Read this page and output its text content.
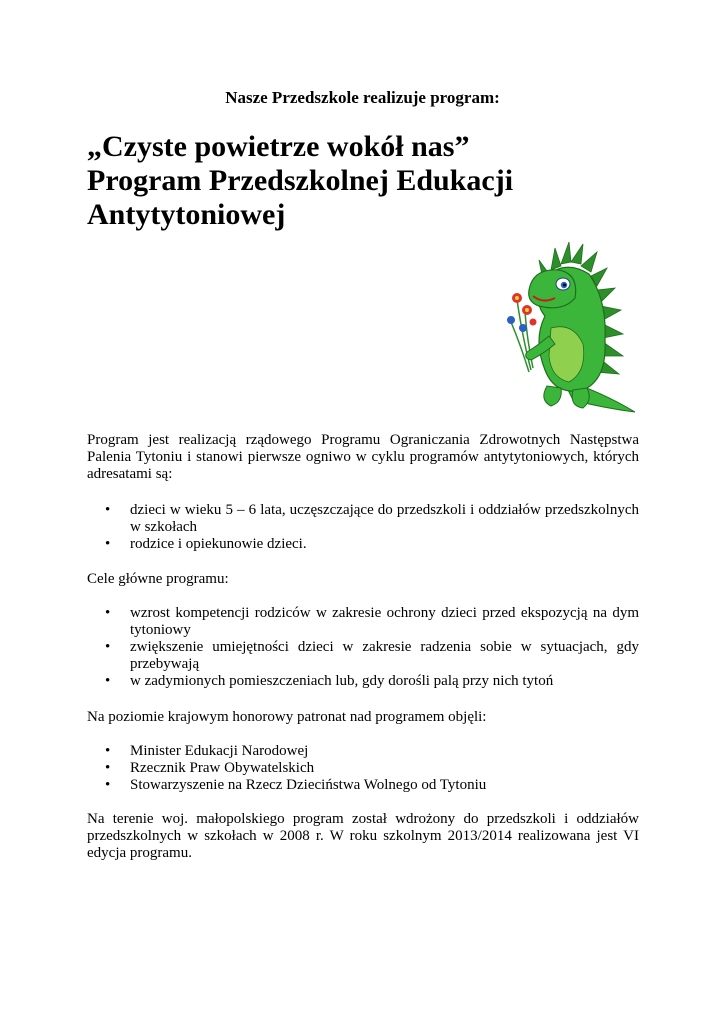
Nasze Przedszkole realizuje program:

„Czyste powietrze wokół nas”
Program Przedszkolnej Edukacji
Antytytoniowej

Program jest realizacją rządowego Programu Ograniczania Zdrowotnych Następstwa Palenia Tytoniu i stanowi pierwsze ogniwo w cyklu programów antytytoniowych, których adresatami są:

• dzieci w wieku 5 – 6 lata, uczęszczające do przedszkoli i oddziałów przedszkolnych w szkołach
• rodzice i opiekunowie dzieci.

Cele główne programu:

• wzrost kompetencji rodziców w zakresie ochrony dzieci przed ekspozycją na dym tytoniowy
• zwiększenie umiejętności dzieci w zakresie radzenia sobie w sytuacjach, gdy przebywają
• w zadymionych pomieszczeniach lub, gdy dorośli palą przy nich tytoń

Na poziomie krajowym honorowy patronat nad programem objęli:

• Minister Edukacji Narodowej
• Rzecznik Praw Obywatelskich
• Stowarzyszenie na Rzecz Dzieciństwa Wolnego od Tytoniu

Na terenie woj. małopolskiego program został wdrożony do przedszkoli i oddziałów przedszkolnych w szkołach w 2008 r. W roku szkolnym 2013/2014 realizowana jest VI edycja programu.
